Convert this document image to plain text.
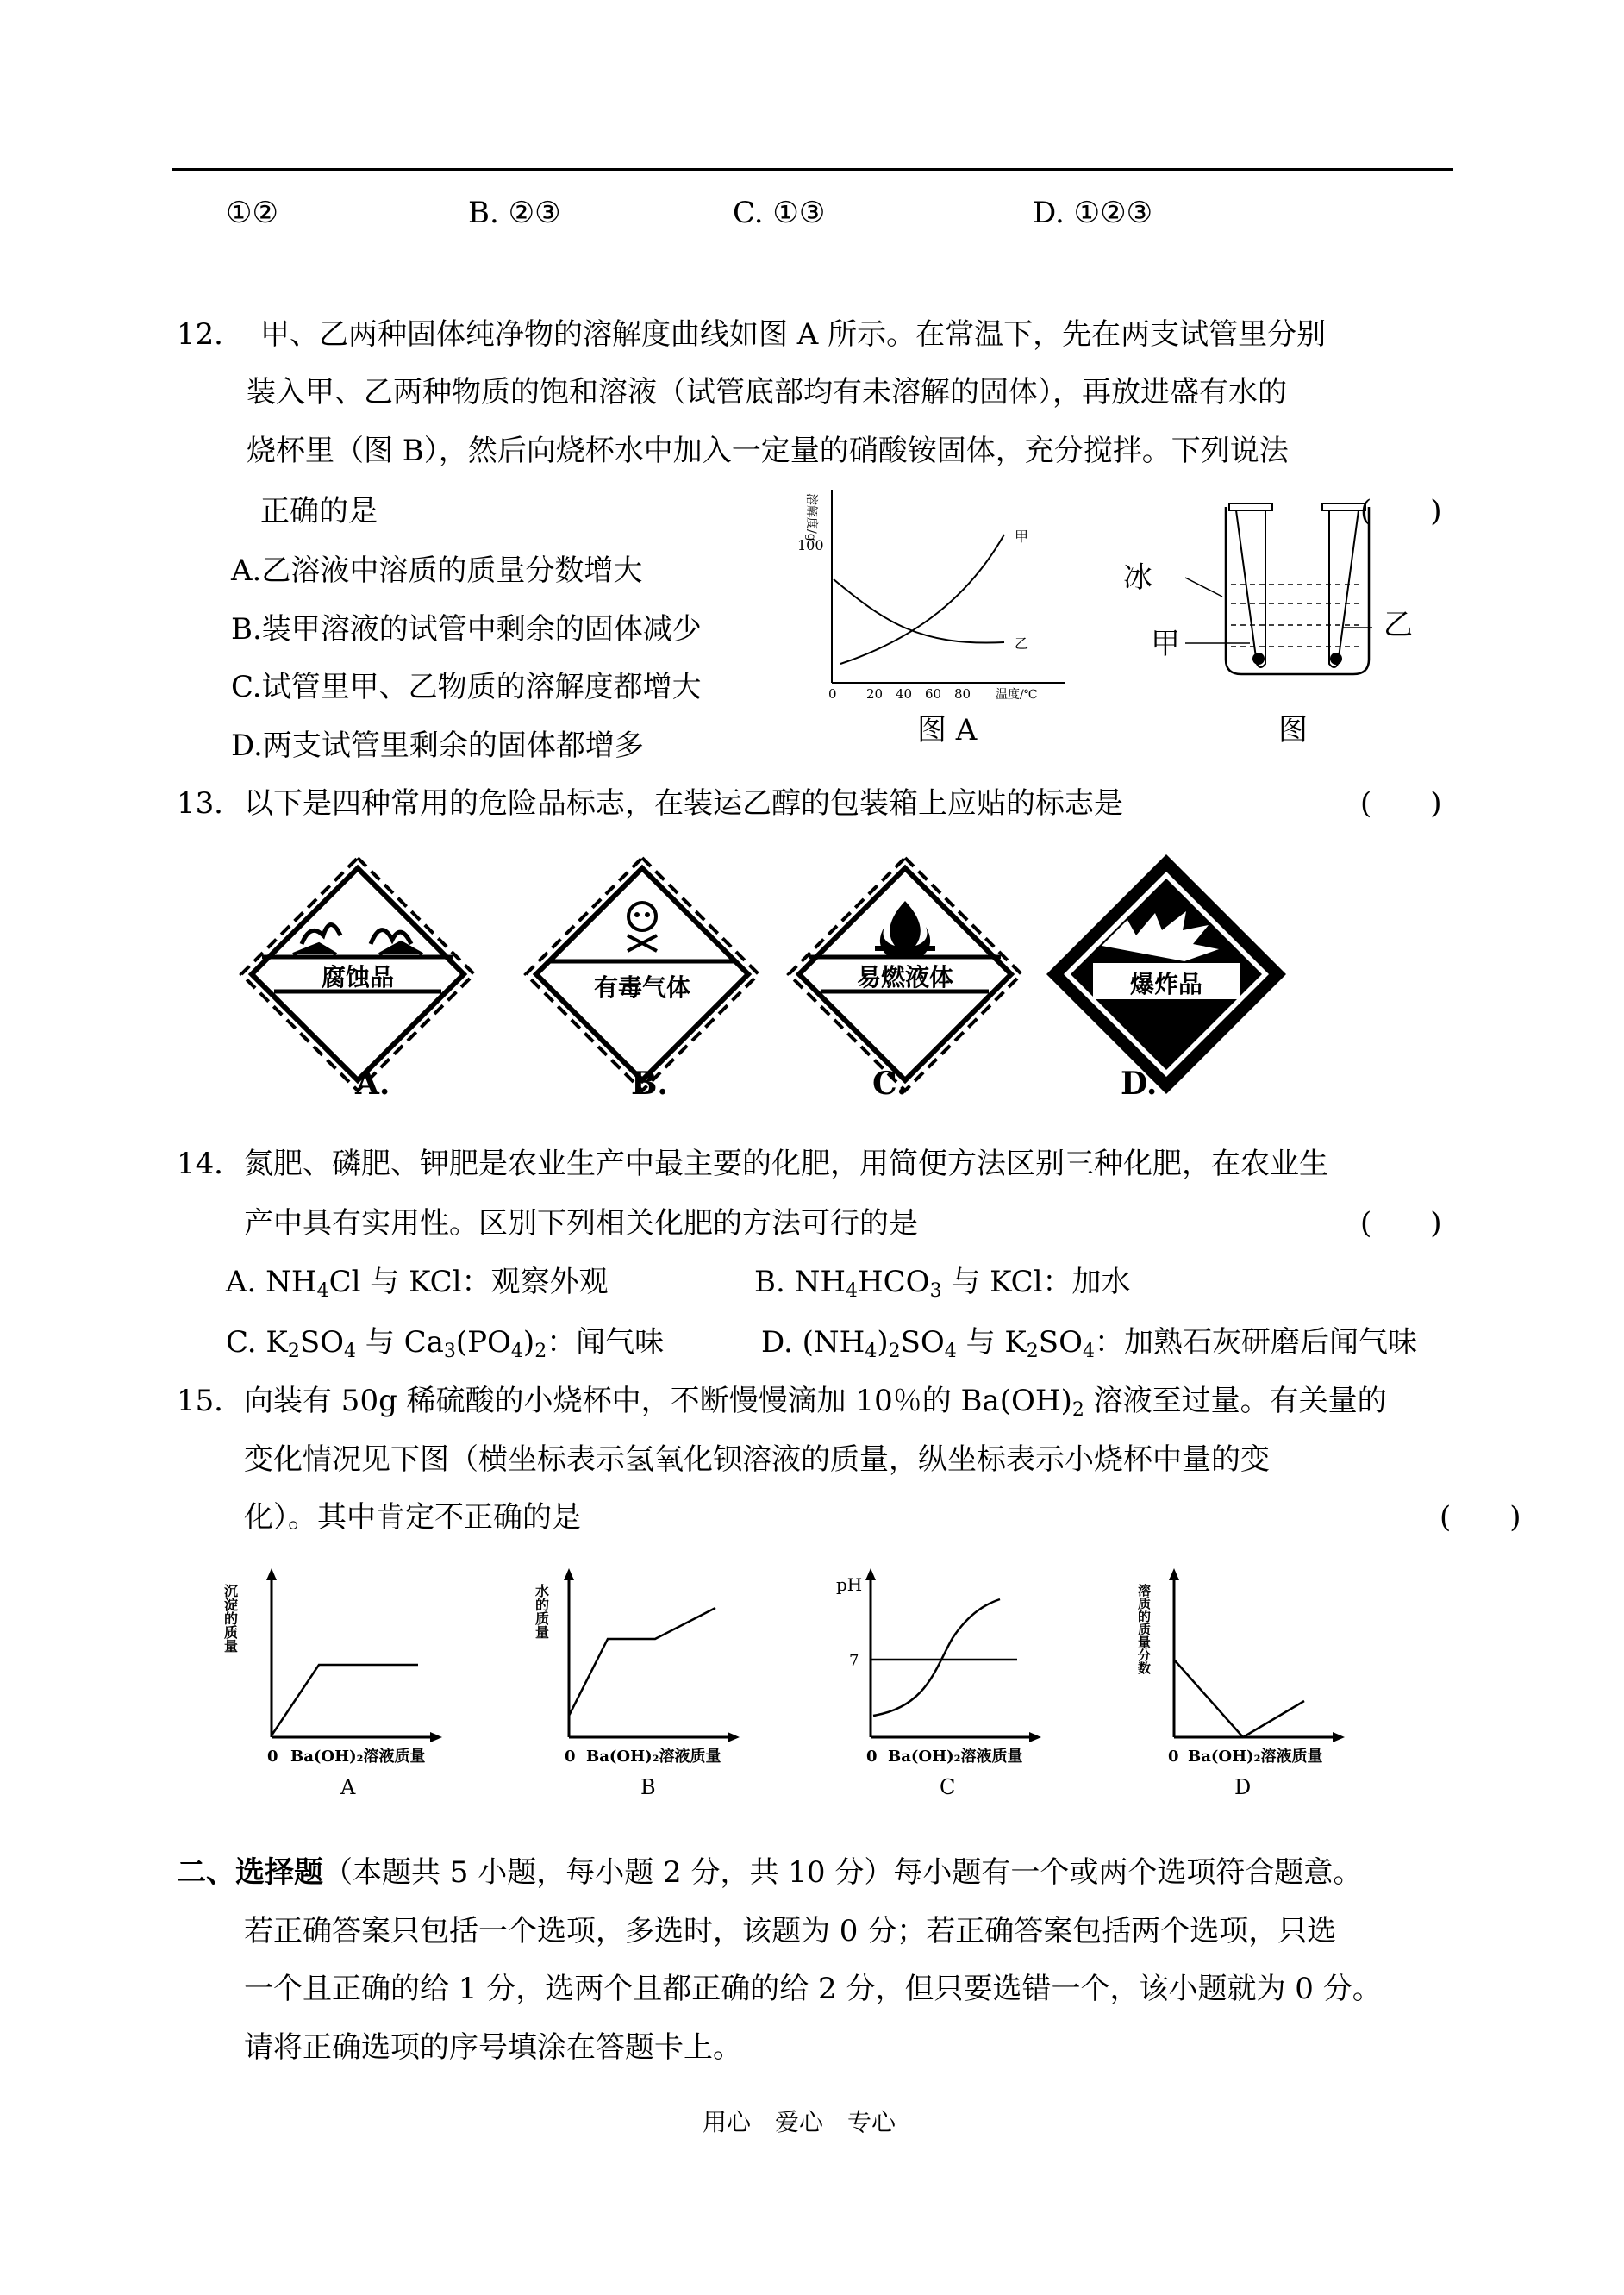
①②	B. ②③	C. ①③	D. ①②③
12． 甲、乙两种固体纯净物的溶解度曲线如图 A 所示。在常温下，先在两支试管里分别
装入甲、乙两种物质的饱和溶液（试管底部均有未溶解的固体），再放进盛有水的
烧杯里（图 B），然后向烧杯水中加入一定量的硝酸铵固体，充分搅拌。下列说法
正确的是	(　　)
A.乙溶液中溶质的质量分数增大
B.装甲溶液的试管中剩余的固体减少
C.试管里甲、乙物质的溶解度都增大
D.两支试管里剩余的固体都增多
溶解度/g
100
甲
乙
0 20 40 60 80 温度/℃
图 A
冰
甲
乙
图
13． 以下是四种常用的危险品标志，在装运乙醇的包装箱上应贴的标志是	(　　)
腐蚀品
A.
有毒气体
B.
易燃液体
C.
爆炸品
D.
14． 氮肥、磷肥、钾肥是农业生产中最主要的化肥，用简便方法区别三种化肥，在农业生
产中具有实用性。区别下列相关化肥的方法可行的是	(　　)
A. $NH_4Cl$ 与 KCl：观察外观	B. $NH_4HCO_3$ 与 KCl：加水
C. $K_2SO_4$ 与 $Ca_3(PO_4)_2$：闻气味	D. $(NH_4)_2SO_4$ 与 $K_2SO_4$：加熟石灰研磨后闻气味
15． 向装有 50g 稀硫酸的小烧杯中，不断慢慢滴加 10％的 $Ba(OH)_2$ 溶液至过量。有关量的
变化情况见下图（横坐标表示氢氧化钡溶液的质量，纵坐标表示小烧杯中量的变
化）。其中肯定不正确的是	(　　)
沉淀的质量
0 Ba(OH)₂溶液质量
A
水的质量
0 Ba(OH)₂溶液质量
B
pH
7
0 Ba(OH)₂溶液质量
C
溶质的质量分数
0 Ba(OH)₂溶液质量
D
二、选择题（本题共 5 小题，每小题 2 分，共 10 分）每小题有一个或两个选项符合题意。
若正确答案只包括一个选项，多选时，该题为 0 分；若正确答案包括两个选项，只选
一个且正确的给 1 分，选两个且都正确的给 2 分，但只要选错一个，该小题就为 0 分。
请将正确选项的序号填涂在答题卡上。
用心　爱心　专心
